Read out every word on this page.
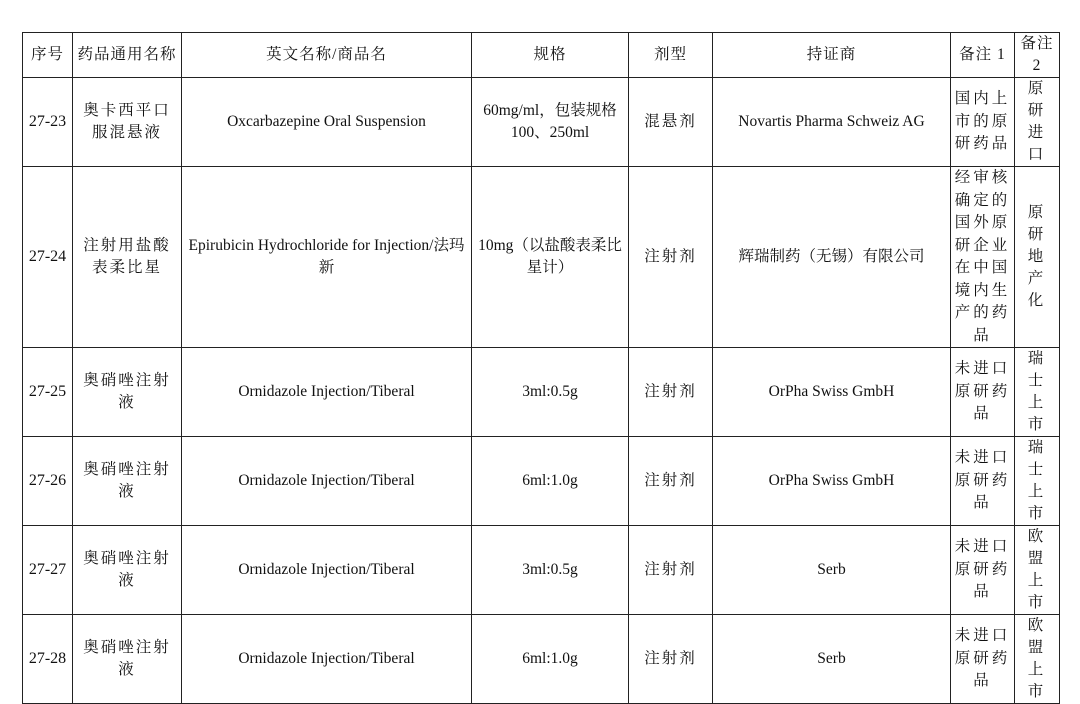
序号	药品通用名称	英文名称/商品名	规格	剂型	持证商	备注 1	备注 2
27-23	奥卡西平口服混悬液	Oxcarbazepine Oral Suspension	60mg/ml，包装规格100、250ml	混悬剂	Novartis Pharma Schweiz AG	国内上市的原研药品	原研进口
27-24	注射用盐酸表柔比星	Epirubicin Hydrochloride for Injection/法玛新	10mg（以盐酸表柔比星计）	注射剂	辉瑞制药（无锡）有限公司	经审核确定的国外原研企业在中国境内生产的药品	原研地产化
27-25	奥硝唑注射液	Ornidazole Injection/Tiberal	3ml:0.5g	注射剂	OrPha Swiss GmbH	未进口原研药品	瑞士上市
27-26	奥硝唑注射液	Ornidazole Injection/Tiberal	6ml:1.0g	注射剂	OrPha Swiss GmbH	未进口原研药品	瑞士上市
27-27	奥硝唑注射液	Ornidazole Injection/Tiberal	3ml:0.5g	注射剂	Serb	未进口原研药品	欧盟上市
27-28	奥硝唑注射液	Ornidazole Injection/Tiberal	6ml:1.0g	注射剂	Serb	未进口原研药品	欧盟上市
